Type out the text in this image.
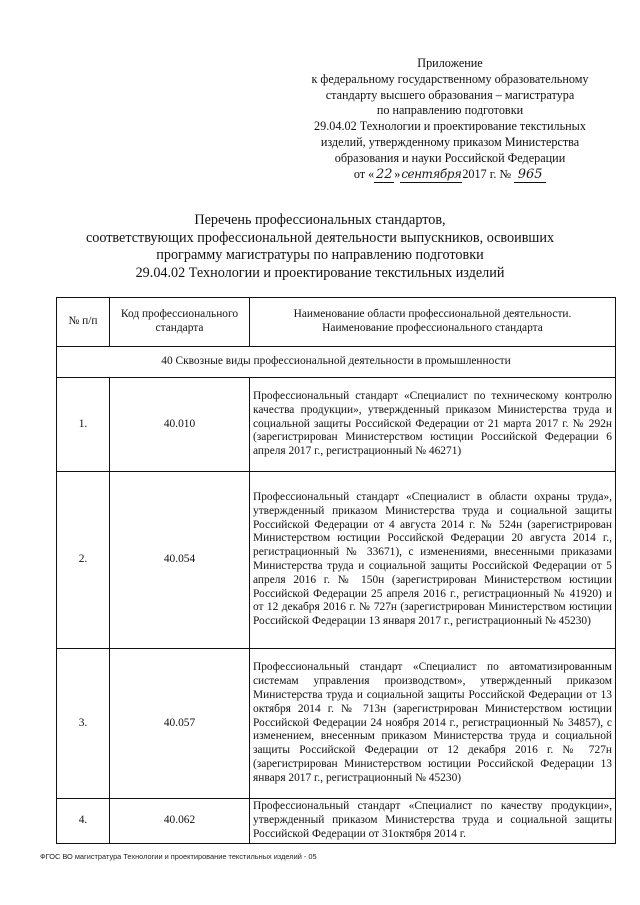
Приложение
к федеральному государственному образовательному
стандарту высшего образования – магистратура
по направлению подготовки
29.04.02 Технологии и проектирование текстильных
изделий, утвержденному приказом Министерства
образования и науки Российской Федерации
от « 22 »сентября2017 г. № 965
Перечень профессиональных стандартов,
соответствующих профессиональной деятельности выпускников, освоивших
программу магистратуры по направлению подготовки
29.04.02 Технологии и проектирование текстильных изделий
№ п/п	Код профессионального стандарта	Наименование области профессиональной деятельности.
Наименование профессионального стандарта
40 Сквозные виды профессиональной деятельности в промышленности		
1.	40.010	Профессиональный стандарт «Специалист по техническому контролю качества продукции», утвержденный приказом Министерства труда и социальной защиты Российской Федерации от 21 марта 2017 г. № 292н (зарегистрирован Министерством юстиции Российской Федерации 6 апреля 2017 г., регистрационный № 46271)
2.	40.054	Профессиональный стандарт «Специалист в области охраны труда», утвержденный приказом Министерства труда и социальной защиты Российской Федерации от 4 августа 2014 г. № 524н (зарегистрирован Министерством юстиции Российской Федерации 20 августа 2014 г., регистрационный № 33671), с изменениями, внесенными приказами Министерства труда и социальной защиты Российской Федерации от 5 апреля 2016 г. № 150н (зарегистрирован Министерством юстиции Российской Федерации 25 апреля 2016 г., регистрационный № 41920) и от 12 декабря 2016 г. № 727н (зарегистрирован Министерством юстиции Российской Федерации 13 января 2017 г., регистрационный № 45230)
3.	40.057	Профессиональный стандарт «Специалист по автоматизированным системам управления производством», утвержденный приказом Министерства труда и социальной защиты Российской Федерации от 13 октября 2014 г. № 713н (зарегистрирован Министерством юстиции Российской Федерации 24 ноября 2014 г., регистрационный № 34857), с изменением, внесенным приказом Министерства труда и социальной защиты Российской Федерации от 12 декабря 2016 г. № 727н (зарегистрирован Министерством юстиции Российской Федерации 13 января 2017 г., регистрационный № 45230)
4.	40.062	Профессиональный стандарт «Специалист по качеству продукции», утвержденный приказом Министерства труда и социальной защиты Российской Федерации от 31октября 2014 г.
ФГОС ВО магистратура Технологии и проектирование текстильных изделий - 05
